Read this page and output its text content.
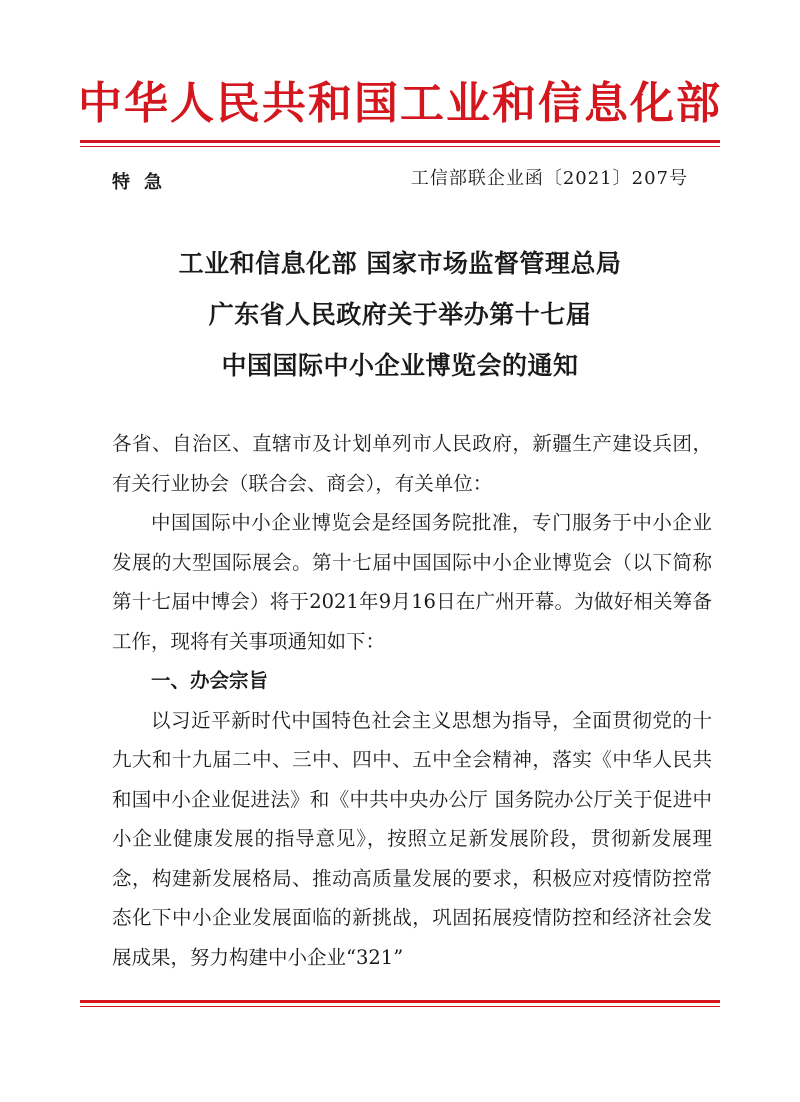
中华人民共和国工业和信息化部
特急	工信部联企业函〔2021〕207号
工业和信息化部 国家市场监督管理总局
广东省人民政府关于举办第十七届
中国国际中小企业博览会的通知

各省、自治区、直辖市及计划单列市人民政府，新疆生产建设兵团，有关行业协会（联合会、商会），有关单位：

中国国际中小企业博览会是经国务院批准，专门服务于中小企业发展的大型国际展会。第十七届中国国际中小企业博览会（以下简称第十七届中博会）将于2021年9月16日在广州开幕。为做好相关筹备工作，现将有关事项通知如下：

一、办会宗旨

以习近平新时代中国特色社会主义思想为指导，全面贯彻党的十九大和十九届二中、三中、四中、五中全会精神，落实《中华人民共和国中小企业促进法》和《中共中央办公厅 国务院办公厅关于促进中小企业健康发展的指导意见》，按照立足新发展阶段，贯彻新发展理念，构建新发展格局、推动高质量发展的要求，积极应对疫情防控常态化下中小企业发展面临的新挑战，巩固拓展疫情防控和经济社会发展成果，努力构建中小企业“321”
